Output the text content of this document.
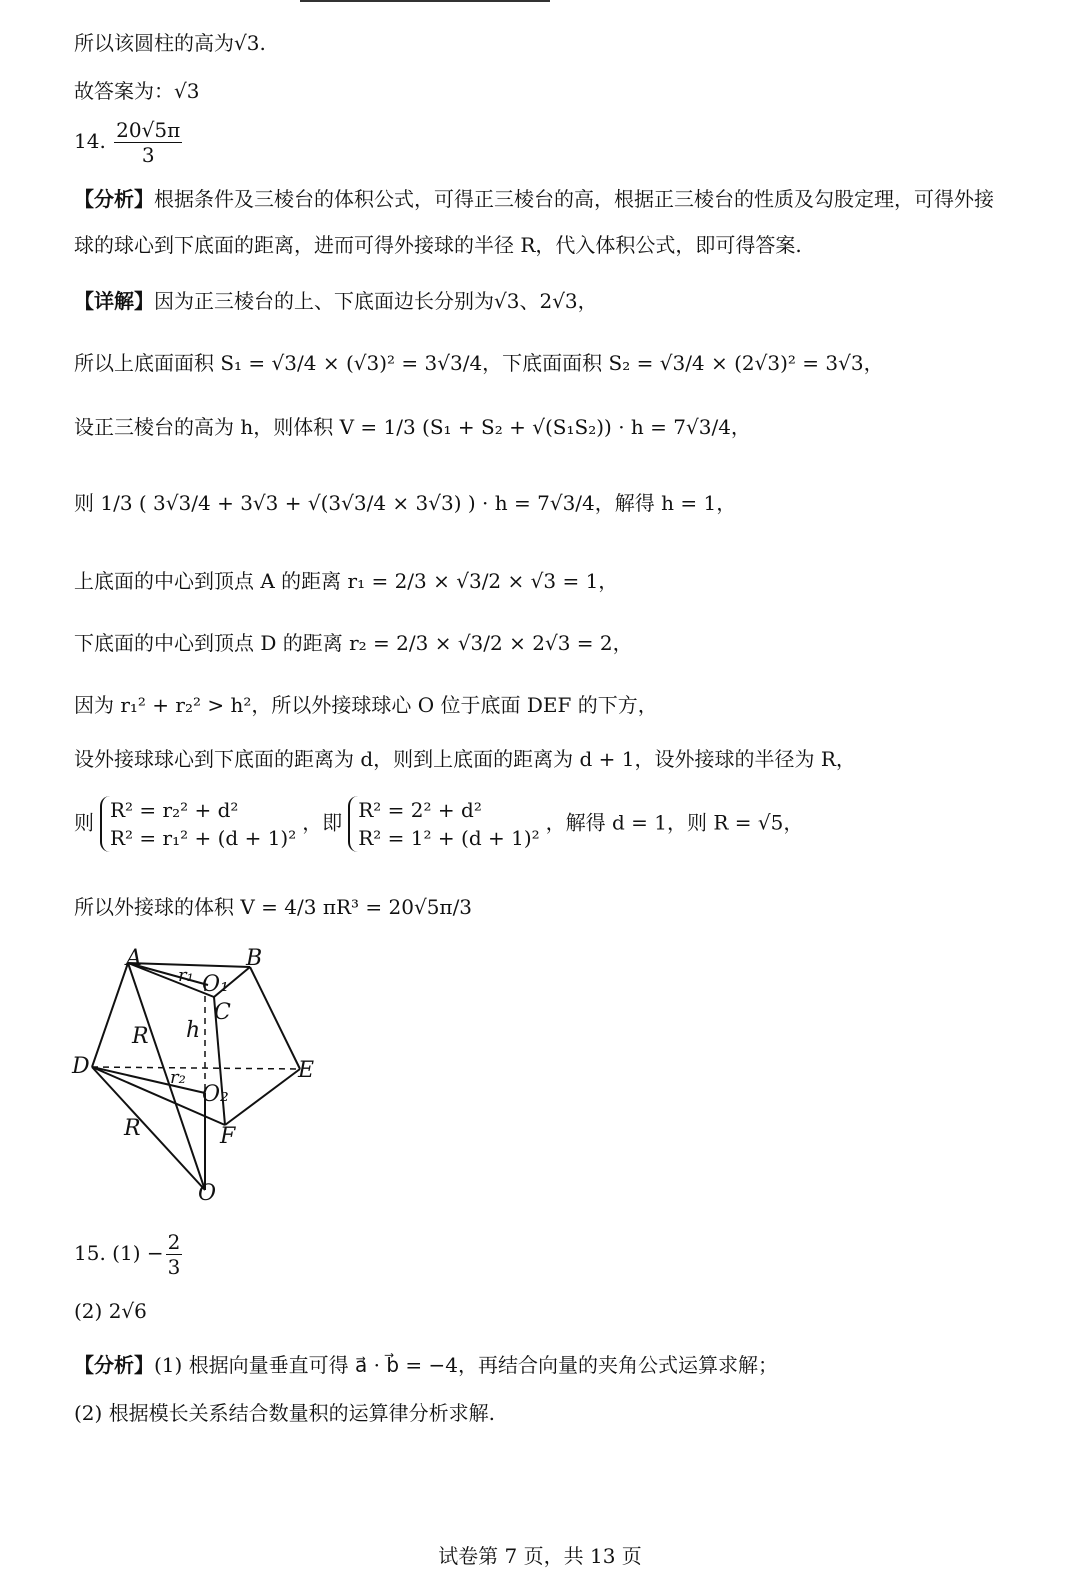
所以该圆柱的高为√3.
故答案为：√3
14. $\frac{20√5\pi}{3}$
【分析】根据条件及三棱台的体积公式，可得正三棱台的高，根据正三棱台的性质及勾股定理，可得外接
球的球心到下底面的距离，进而可得外接球的半径 R，代入体积公式，即可得答案.
【详解】因为正三棱台的上、下底面边长分别为√3、2√3，
所以上底面面积 S₁ = √3/4 × (√3)² = 3√3/4，下底面面积 S₂ = √3/4 × (2√3)² = 3√3，
设正三棱台的高为 h，则体积 V = 1/3 (S₁ + S₂ + √(S₁S₂)) · h = 7√3/4，
则 1/3 ( 3√3/4 + 3√3 + √(3√3/4 × 3√3) ) · h = 7√3/4，解得 h = 1，
上底面的中心到顶点 A 的距离 r₁ = 2/3 × √3/2 × √3 = 1，
下底面的中心到顶点 D 的距离 r₂ = 2/3 × √3/2 × 2√3 = 2，
因为 r₁² + r₂² > h²，所以外接球球心 O 位于底面 DEF 的下方，
设外接球球心到下底面的距离为 d，则到上底面的距离为 d + 1，设外接球的半径为 R，
则
R² = r₂² + d²
R² = r₁² + (d + 1)²
，即
R² = 2² + d²
R² = 1² + (d + 1)²
，解得 d = 1，则 R = √5，
所以外接球的体积 V = 4/3 πR³ = 20√5π/3
A	B
C
D	E
F
O
O₁
O₂
R
R
h
r₁
r₂
15. $(1) - \frac{2}{3}$
(2) 2√6
【分析】(1) 根据向量垂直可得 a⃗ · b⃗ = −4，再结合向量的夹角公式运算求解；
(2) 根据模长关系结合数量积的运算律分析求解.
试卷第 7 页，共 13 页
